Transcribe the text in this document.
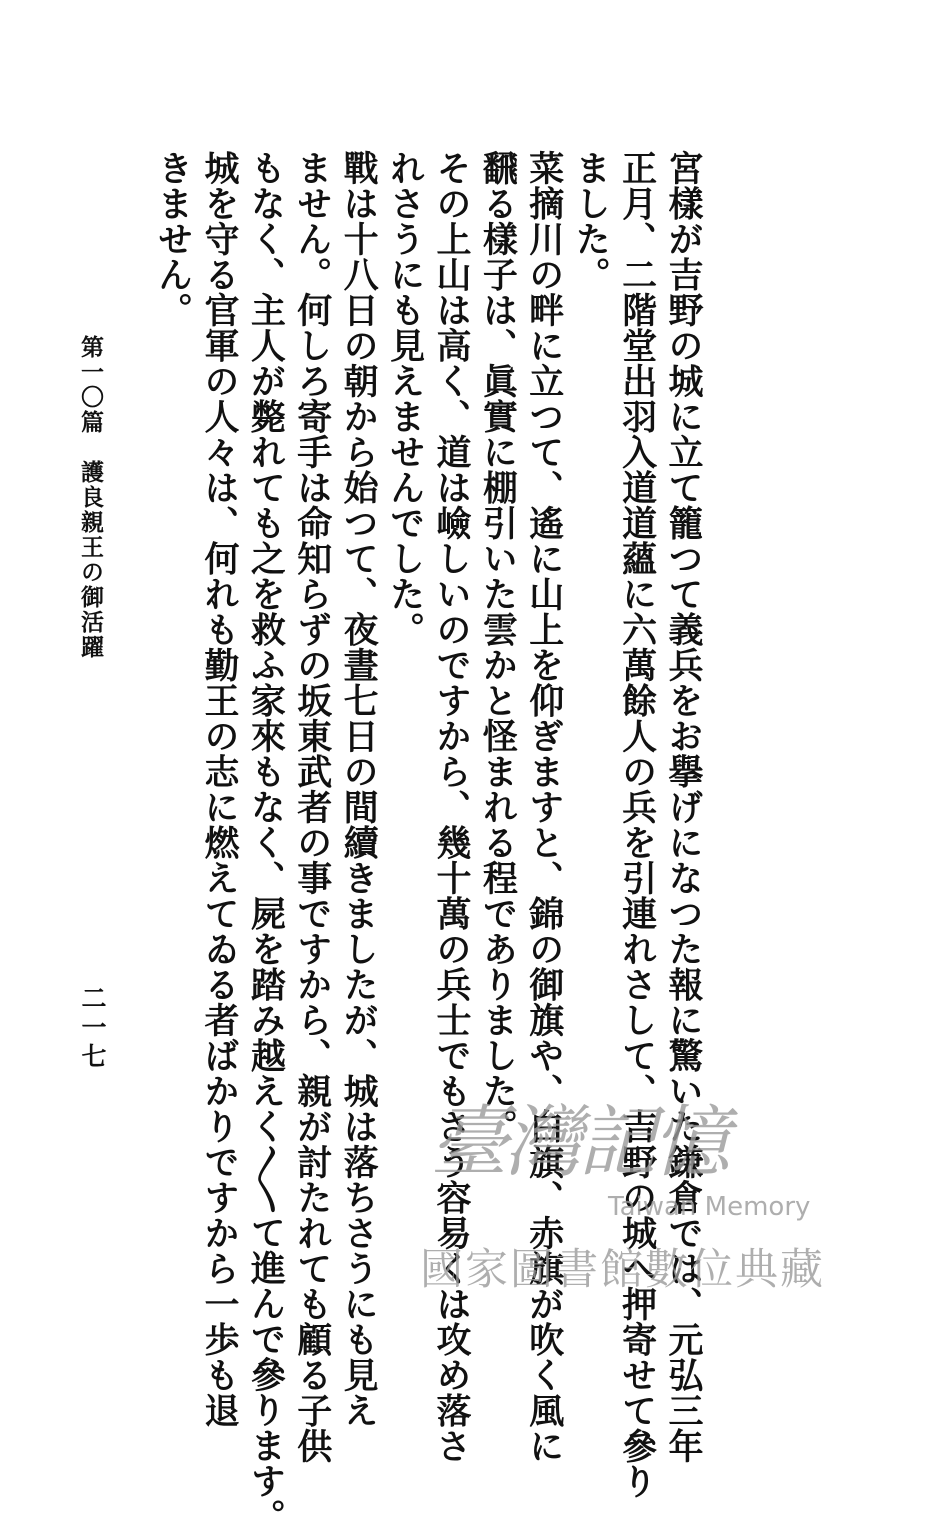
宮樣が吉野の城に立て籠つて義兵をお擧げになつた報に驚いた鎌倉では、元弘三年
正月、二階堂出羽入道道蘊に六萬餘人の兵を引連れさして、吉野の城へ押寄せて參り
ました。
菜摘川の畔に立つて、遙に山上を仰ぎますと、錦の御旗や、白旗、赤旗が吹く風に
飜る樣子は、眞實に棚引いた雲かと怪まれる程でありました。
その上山は高く、道は嶮しいのですから、幾十萬の兵士でもさう容易くは攻め落さ
れさうにも見えませんでした。
戰は十八日の朝から始つて、夜晝七日の間續きましたが、城は落ちさうにも見え
ません。何しろ寄手は命知らずの坂東武者の事ですから、親が討たれても顧る子供
もなく、主人が斃れても之を救ふ家來もなく、屍を踏み越えく〳〵て進んで參ります。
城を守る官軍の人々は、何れも勤王の志に燃えてゐる者ばかりですから一歩も退
きません。
第一〇篇　護良親王の御活躍
二一七
臺灣記憶
Taiwan Memory
國家圖書館數位典藏
